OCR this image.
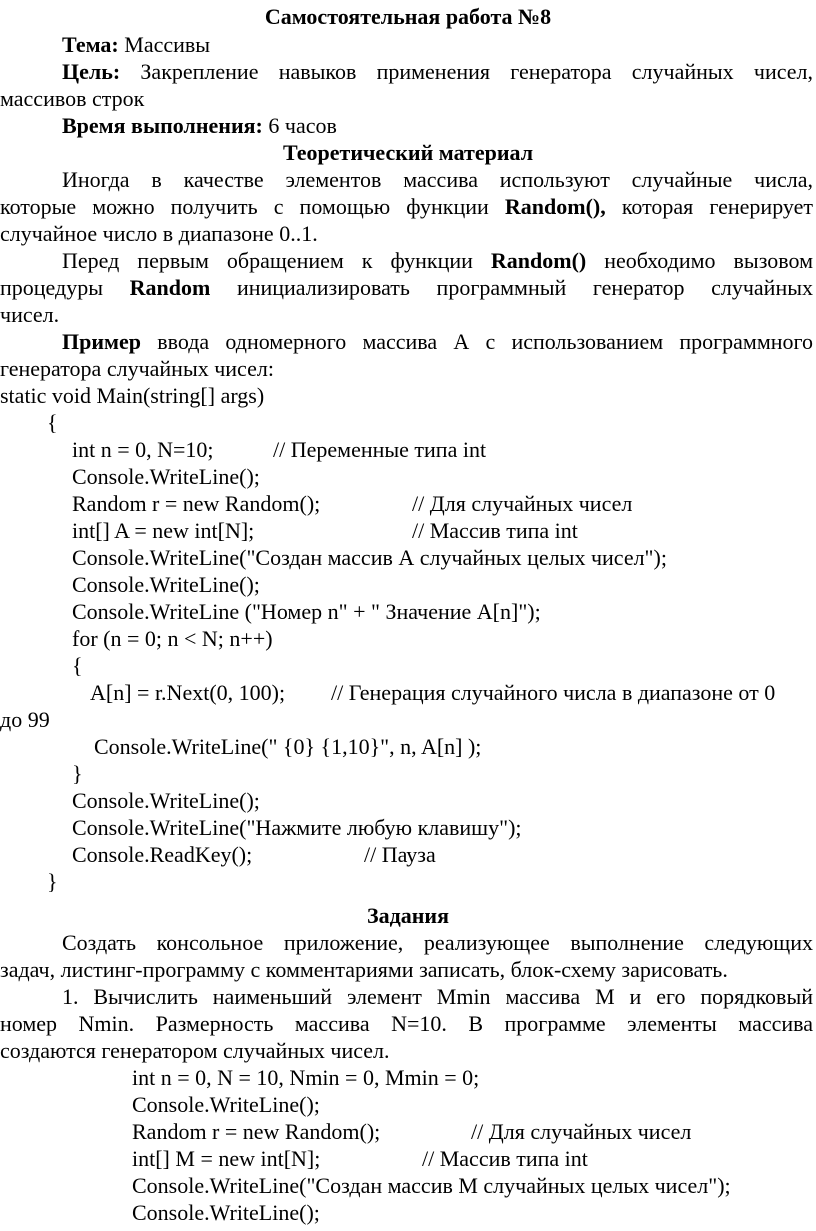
Самостоятельная работа №8
Тема: Массивы
Цель: Закрепление навыков применения генератора случайных чисел,
массивов строк
Время выполнения: 6 часов
Теоретический материал
Иногда в качестве элементов массива используют случайные числа,
которые можно получить с помощью функции Random(), которая генерирует
случайное число в диапазоне 0..1.
Перед первым обращением к функции Random() необходимо вызовом
процедуры Random инициализировать программный генератор случайных
чисел.
Пример ввода одномерного массива А с использованием программного
генератора случайных чисел:
static void Main(string[] args)
{
int n = 0, N=10;	// Переменные типа int
Console.WriteLine();
Random r = new Random();	// Для случайных чисел
int[] A = new int[N];	// Массив типа int
Console.WriteLine("Создан массив А случайных целых чисел");
Console.WriteLine();
Console.WriteLine ("Номер n" + " Значение A[n]");
for (n = 0; n < N; n++)
{
A[n] = r.Next(0, 100);	// Генерация случайного числа в диапазоне от 0
до 99
Console.WriteLine(" {0} {1,10}", n, A[n] );
}
Console.WriteLine();
Console.WriteLine("Нажмите любую клавишу");
Console.ReadKey();	// Пауза
}
Задания
Создать консольное приложение, реализующее выполнение следующих
задач, листинг-программу с комментариями записать, блок-схему зарисовать.
1. Вычислить наименьший элемент Mmin массива M и его порядковый
номер Nmin. Размерность массива N=10. В программе элементы массива
создаются генератором случайных чисел.
int n = 0, N = 10, Nmin = 0, Mmin = 0;
Console.WriteLine();
Random r = new Random();	// Для случайных чисел
int[] M = new int[N];	// Массив типа int
Console.WriteLine("Создан массив М случайных целых чисел");
Console.WriteLine();
